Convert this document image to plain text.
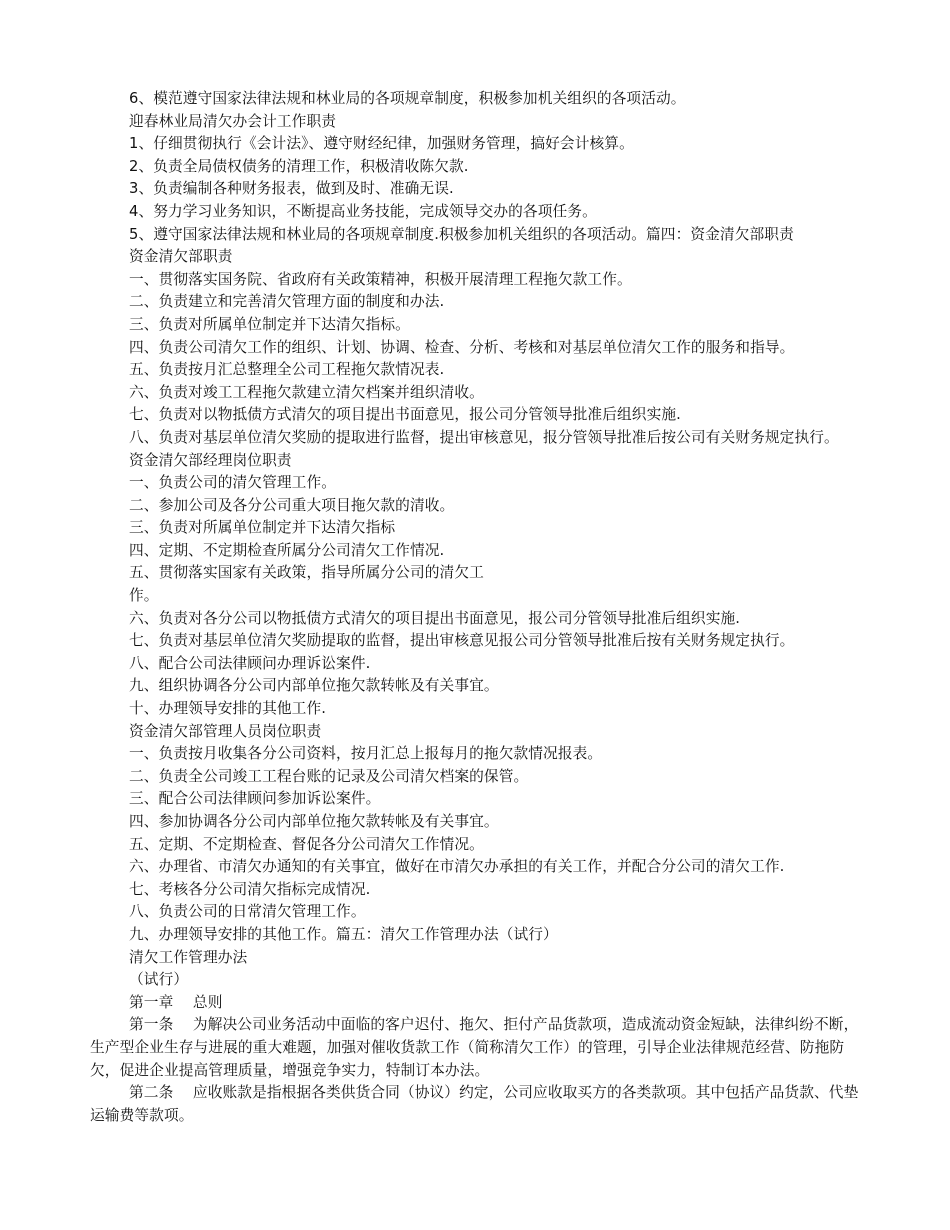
6、模范遵守国家法律法规和林业局的各项规章制度，积极参加机关组织的各项活动。
迎春林业局清欠办会计工作职责
1、仔细贯彻执行《会计法》、遵守财经纪律，加强财务管理，搞好会计核算。
2、负责全局债权债务的清理工作，积极清收陈欠款.
3、负责编制各种财务报表，做到及时、准确无误.
4、努力学习业务知识，不断提高业务技能，完成领导交办的各项任务。
5、遵守国家法律法规和林业局的各项规章制度.积极参加机关组织的各项活动。篇四：资金清欠部职责
资金清欠部职责
一、贯彻落实国务院、省政府有关政策精神，积极开展清理工程拖欠款工作。
二、负责建立和完善清欠管理方面的制度和办法.
三、负责对所属单位制定并下达清欠指标。
四、负责公司清欠工作的组织、计划、协调、检查、分析、考核和对基层单位清欠工作的服务和指导。
五、负责按月汇总整理全公司工程拖欠款情况表.
六、负责对竣工工程拖欠款建立清欠档案并组织清收。
七、负责对以物抵债方式清欠的项目提出书面意见，报公司分管领导批准后组织实施.
八、负责对基层单位清欠奖励的提取进行监督，提出审核意见，报分管领导批准后按公司有关财务规定执行。
资金清欠部经理岗位职责
一、负责公司的清欠管理工作。
二、参加公司及各分公司重大项目拖欠款的清收。
三、负责对所属单位制定并下达清欠指标
四、定期、不定期检查所属分公司清欠工作情况.
五、贯彻落实国家有关政策，指导所属分公司的清欠工
作。
六、负责对各分公司以物抵债方式清欠的项目提出书面意见，报公司分管领导批准后组织实施.
七、负责对基层单位清欠奖励提取的监督，提出审核意见报公司分管领导批准后按有关财务规定执行。
八、配合公司法律顾问办理诉讼案件.
九、组织协调各分公司内部单位拖欠款转帐及有关事宜。
十、办理领导安排的其他工作.
资金清欠部管理人员岗位职责
一、负责按月收集各分公司资料，按月汇总上报每月的拖欠款情况报表。
二、负责全公司竣工工程台账的记录及公司清欠档案的保管。
三、配合公司法律顾问参加诉讼案件。
四、参加协调各分公司内部单位拖欠款转帐及有关事宜。
五、定期、不定期检查、督促各分公司清欠工作情况。
六、办理省、市清欠办通知的有关事宜，做好在市清欠办承担的有关工作，并配合分公司的清欠工作.
七、考核各分公司清欠指标完成情况.
八、负责公司的日常清欠管理工作。
九、办理领导安排的其他工作。篇五：清欠工作管理办法（试行）
清欠工作管理办法
（试行）
第一章　 总则
第一条　 为解决公司业务活动中面临的客户迟付、拖欠、拒付产品货款项，造成流动资金短缺，法律纠纷不断，生产型企业生存与进展的重大难题，加强对催收货款工作（简称清欠工作）的管理，引导企业法律规范经营、防拖防欠，促进企业提高管理质量，增强竞争实力，特制订本办法。
第二条　 应收账款是指根据各类供货合同（协议）约定，公司应收取买方的各类款项。其中包括产品货款、代垫运输费等款项。
